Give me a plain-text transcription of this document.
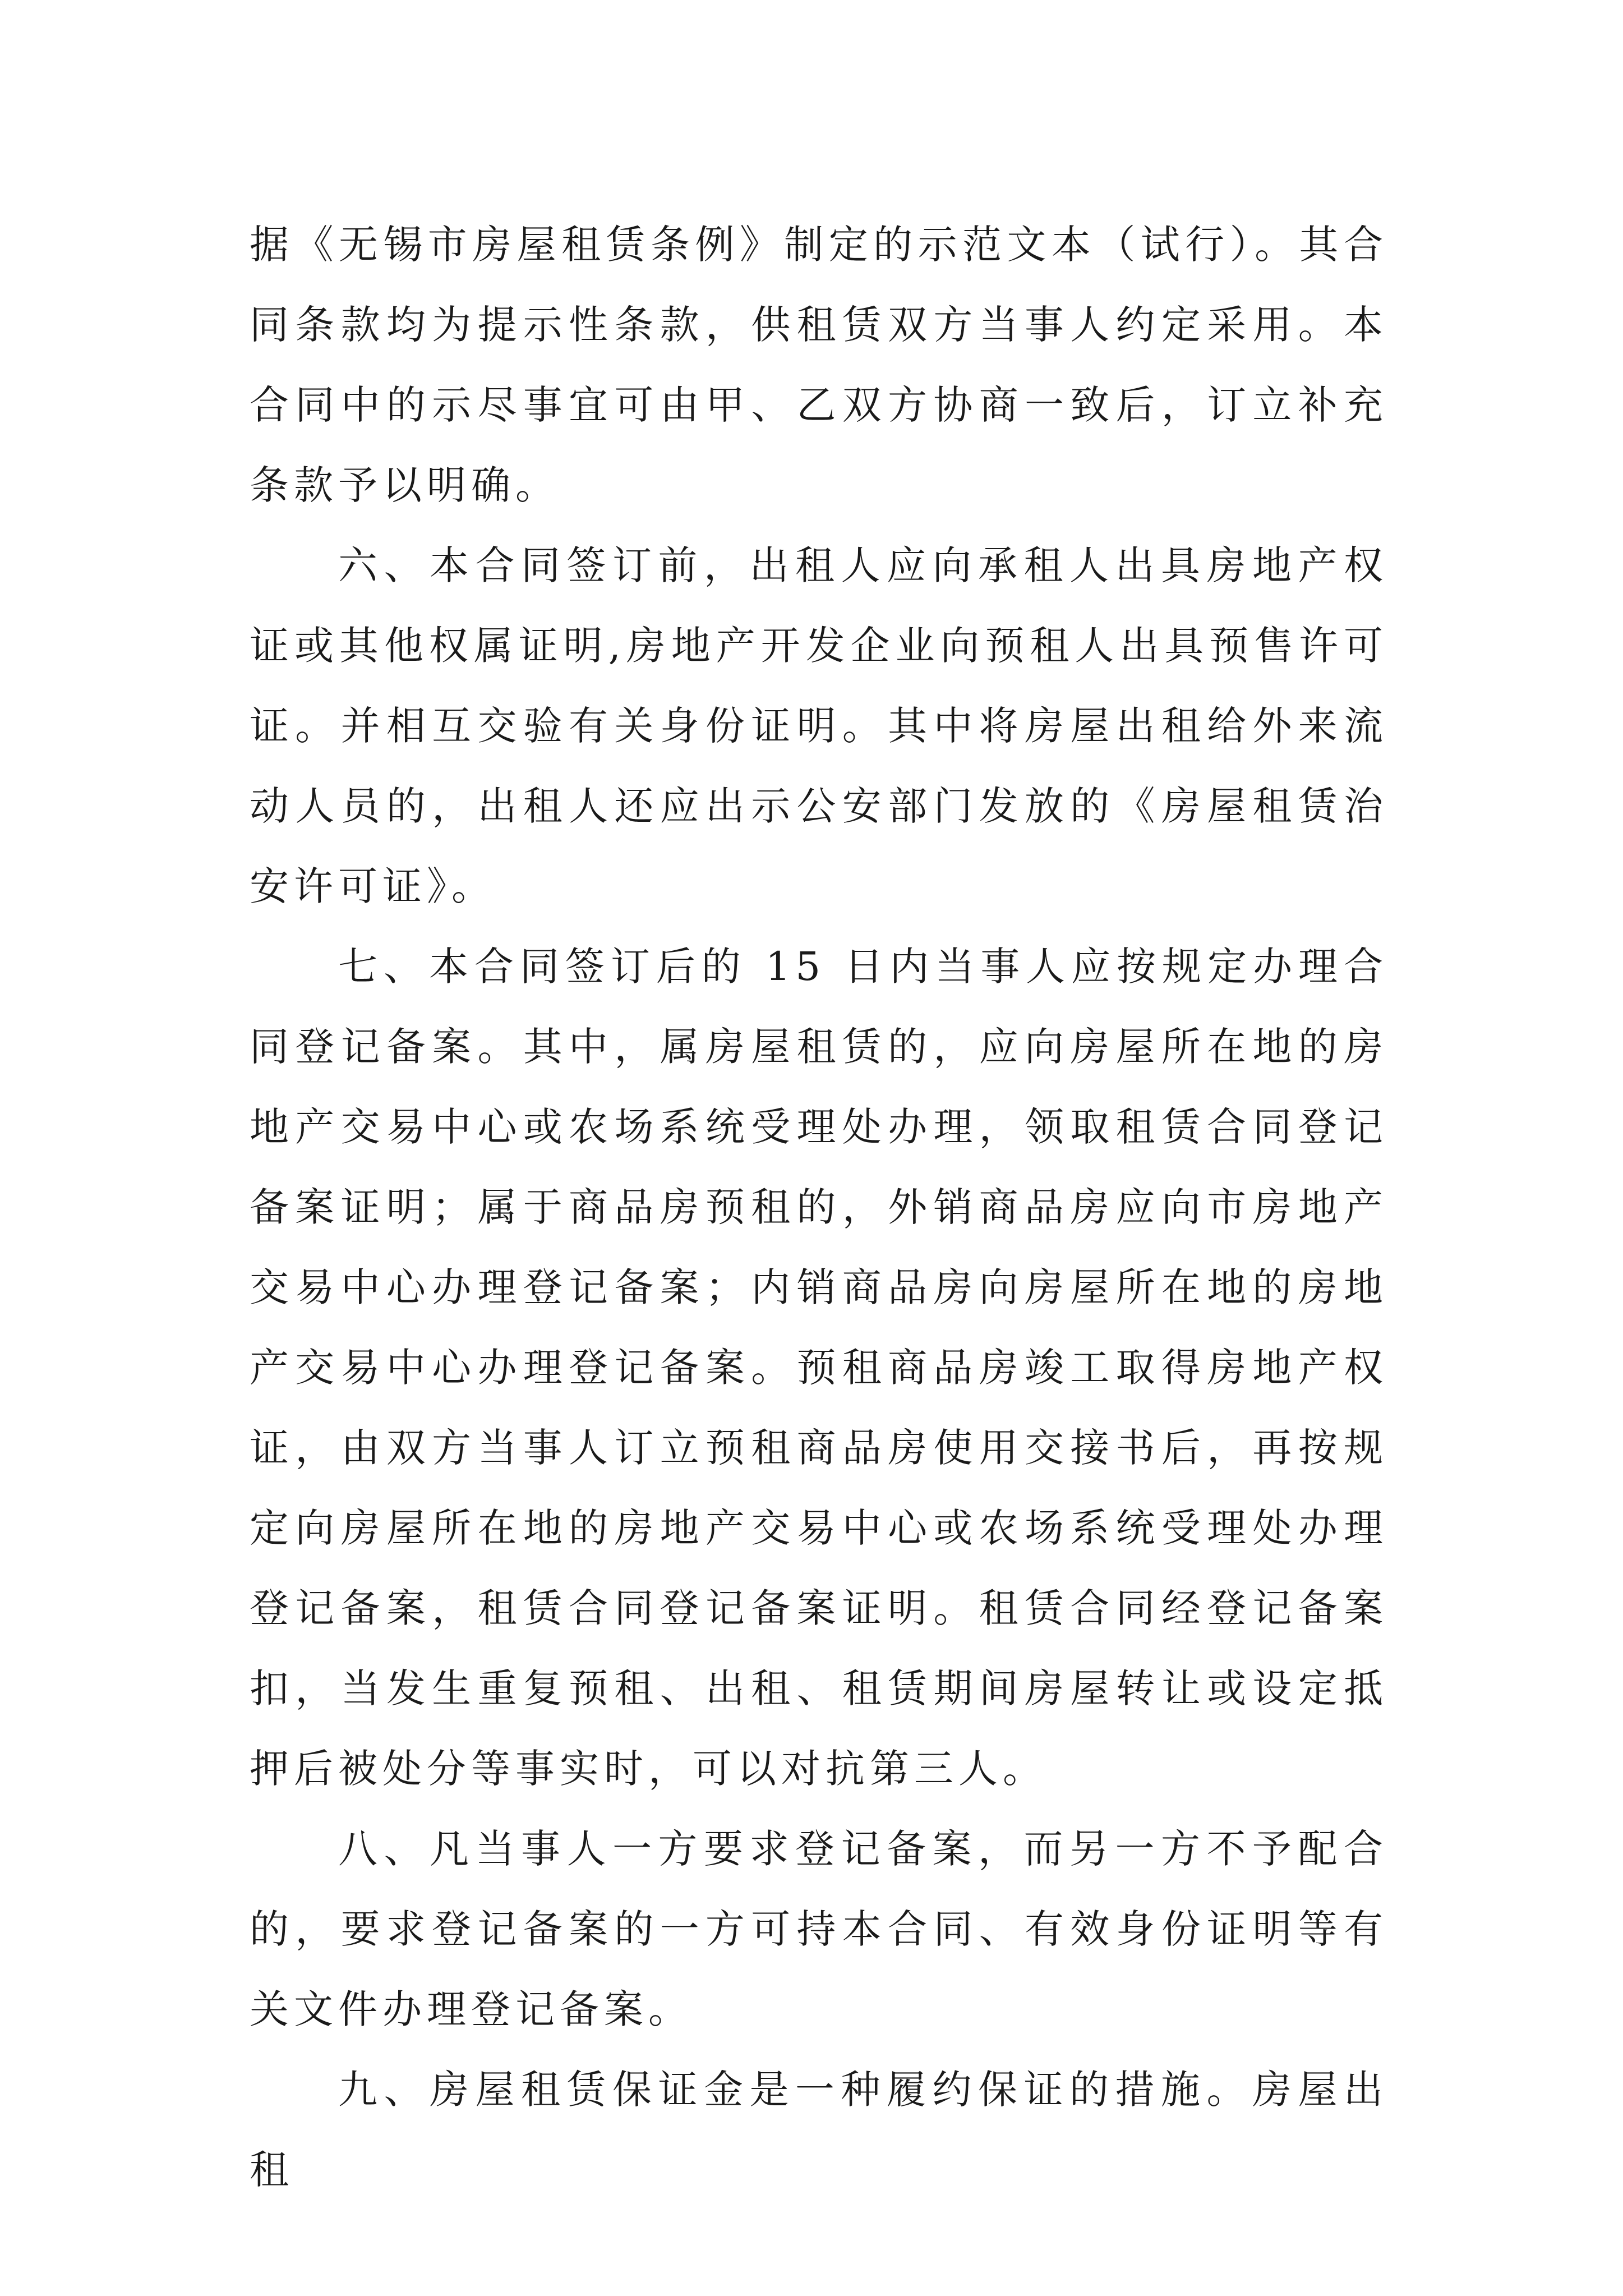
据《无锡市房屋租赁条例》制定的示范文本（试行）。其合同条款均为提示性条款，供租赁双方当事人约定采用。本合同中的示尽事宜可由甲、乙双方协商一致后，订立补充条款予以明确。

六、本合同签订前，出租人应向承租人出具房地产权证或其他权属证明,房地产开发企业向预租人出具预售许可证。并相互交验有关身份证明。其中将房屋出租给外来流动人员的，出租人还应出示公安部门发放的《房屋租赁治安许可证》。

七、本合同签订后的 15 日内当事人应按规定办理合同登记备案。其中，属房屋租赁的，应向房屋所在地的房地产交易中心或农场系统受理处办理，领取租赁合同登记备案证明；属于商品房预租的，外销商品房应向市房地产交易中心办理登记备案；内销商品房向房屋所在地的房地产交易中心办理登记备案。预租商品房竣工取得房地产权证，由双方当事人订立预租商品房使用交接书后，再按规定向房屋所在地的房地产交易中心或农场系统受理处办理登记备案，租赁合同登记备案证明。租赁合同经登记备案扣，当发生重复预租、出租、租赁期间房屋转让或设定抵押后被处分等事实时，可以对抗第三人。

八、凡当事人一方要求登记备案，而另一方不予配合的，要求登记备案的一方可持本合同、有效身份证明等有关文件办理登记备案。

九、房屋租赁保证金是一种履约保证的措施。房屋出租
